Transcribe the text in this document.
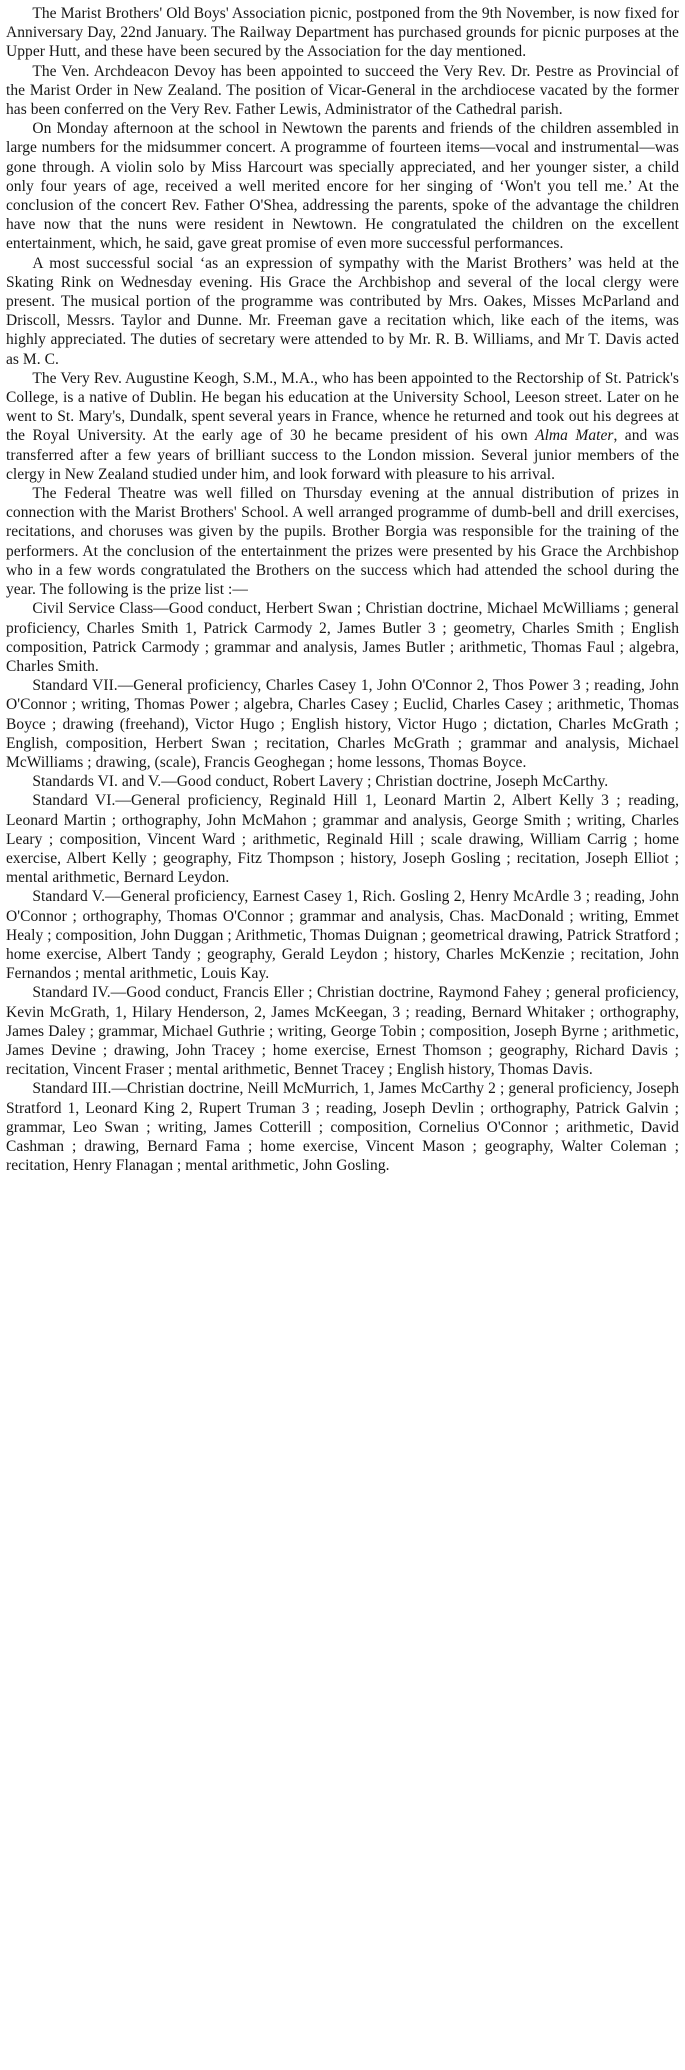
The Marist Brothers' Old Boys' Association picnic, postponed from the 9th November, is now fixed for Anniversary Day, 22nd January. The Railway Department has purchased grounds for picnic purposes at the Upper Hutt, and these have been secured by the Association for the day mentioned.

The Ven. Archdeacon Devoy has been appointed to succeed the Very Rev. Dr. Pestre as Provincial of the Marist Order in New Zealand. The position of Vicar-General in the archdiocese vacated by the former has been conferred on the Very Rev. Father Lewis, Administrator of the Cathedral parish.

On Monday afternoon at the school in Newtown the parents and friends of the children assembled in large numbers for the midsummer concert. A programme of fourteen items—vocal and instrumental—was gone through. A violin solo by Miss Harcourt was specially appreciated, and her younger sister, a child only four years of age, received a well merited encore for her singing of ‘Won't you tell me.’ At the conclusion of the concert Rev. Father O'Shea, addressing the parents, spoke of the advantage the children have now that the nuns were resident in Newtown. He congratulated the children on the excellent entertainment, which, he said, gave great promise of even more successful performances.

A most successful social ‘as an expression of sympathy with the Marist Brothers’ was held at the Skating Rink on Wednesday evening. His Grace the Archbishop and several of the local clergy were present. The musical portion of the programme was contributed by Mrs. Oakes, Misses McParland and Driscoll, Messrs. Taylor and Dunne. Mr. Freeman gave a recitation which, like each of the items, was highly appreciated. The duties of secretary were attended to by Mr. R. B. Williams, and Mr T. Davis acted as M. C.

The Very Rev. Augustine Keogh, S.M., M.A., who has been appointed to the Rectorship of St. Patrick's College, is a native of Dublin. He began his education at the University School, Leeson street. Later on he went to St. Mary's, Dundalk, spent several years in France, whence he returned and took out his degrees at the Royal University. At the early age of 30 he became president of his own Alma Mater, and was transferred after a few years of brilliant success to the London mission. Several junior members of the clergy in New Zealand studied under him, and look forward with pleasure to his arrival.

The Federal Theatre was well filled on Thursday evening at the annual distribution of prizes in connection with the Marist Brothers' School. A well arranged programme of dumb-bell and drill exercises, recitations, and choruses was given by the pupils. Brother Borgia was responsible for the training of the performers. At the conclusion of the entertainment the prizes were presented by his Grace the Archbishop who in a few words congratulated the Brothers on the success which had attended the school during the year. The following is the prize list :—

Civil Service Class—Good conduct, Herbert Swan ; Christian doctrine, Michael McWilliams ; general proficiency, Charles Smith 1, Patrick Carmody 2, James Butler 3 ; geometry, Charles Smith ; English composition, Patrick Carmody ; grammar and analysis, James Butler ; arithmetic, Thomas Faul ; algebra, Charles Smith.

Standard VII.—General proficiency, Charles Casey 1, John O'Connor 2, Thos Power 3 ; reading, John O'Connor ; writing, Thomas Power ; algebra, Charles Casey ; Euclid, Charles Casey ; arithmetic, Thomas Boyce ; drawing (freehand), Victor Hugo ; English history, Victor Hugo ; dictation, Charles McGrath ; English, composition, Herbert Swan ; recitation, Charles McGrath ; grammar and analysis, Michael McWilliams ; drawing, (scale), Francis Geoghegan ; home lessons, Thomas Boyce.

Standards VI. and V.—Good conduct, Robert Lavery ; Christian doctrine, Joseph McCarthy.

Standard VI.—General proficiency, Reginald Hill 1, Leonard Martin 2, Albert Kelly 3 ; reading, Leonard Martin ; orthography, John McMahon ; grammar and analysis, George Smith ; writing, Charles Leary ; composition, Vincent Ward ; arithmetic, Reginald Hill ; scale drawing, William Carrig ; home exercise, Albert Kelly ; geography, Fitz Thompson ; history, Joseph Gosling ; recitation, Joseph Elliot ; mental arithmetic, Bernard Leydon.

Standard V.—General proficiency, Earnest Casey 1, Rich. Gosling 2, Henry McArdle 3 ; reading, John O'Connor ; orthography, Thomas O'Connor ; grammar and analysis, Chas. MacDonald ; writing, Emmet Healy ; composition, John Duggan ; Arithmetic, Thomas Duignan ; geometrical drawing, Patrick Stratford ; home exercise, Albert Tandy ; geography, Gerald Leydon ; history, Charles McKenzie ; recitation, John Fernandos ; mental arithmetic, Louis Kay.

Standard IV.—Good conduct, Francis Eller ; Christian doctrine, Raymond Fahey ; general proficiency, Kevin McGrath, 1, Hilary Henderson, 2, James McKeegan, 3 ; reading, Bernard Whitaker ; orthography, James Daley ; grammar, Michael Guthrie ; writing, George Tobin ; composition, Joseph Byrne ; arithmetic, James Devine ; drawing, John Tracey ; home exercise, Ernest Thomson ; geography, Richard Davis ; recitation, Vincent Fraser ; mental arithmetic, Bennet Tracey ; English history, Thomas Davis.

Standard III.—Christian doctrine, Neill McMurrich, 1, James McCarthy 2 ; general proficiency, Joseph Stratford 1, Leonard King 2, Rupert Truman 3 ; reading, Joseph Devlin ; orthography, Patrick Galvin ; grammar, Leo Swan ; writing, James Cotterill ; composition, Cornelius O'Connor ; arithmetic, David Cashman ; drawing, Bernard Fama ; home exercise, Vincent Mason ; geography, Walter Coleman ; recitation, Henry Flanagan ; mental arithmetic, John Gosling.
